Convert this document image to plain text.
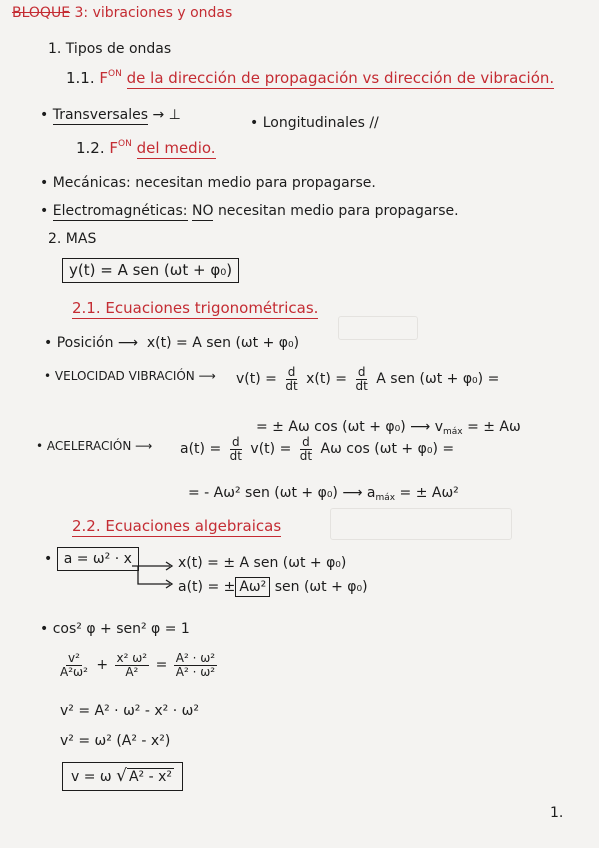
BLOQUE 3: vibraciones y ondas
1. Tipos de ondas
1.1. $F^{ON}$ de la dirección de propagación vs dirección de vibración.
• Transversales → ⊥	• Longitudinales //
1.2. $F^{ON}$ del medio.
• Mecánicas: necesitan medio para propagarse.
• Electromagnéticas: NO necesitan medio para propagarse.
2. MAS
y(t) = A sen (ωt + φ₀)
2.1. Ecuaciones trigonométricas.
• Posición ⟶ x(t) = A sen (ωt + φ₀)
• VELOCIDAD VIBRACIÓN ⟶ $v(t) = \frac{d}{dt} x(t) = \frac{d}{dt}$ A sen (ωt + φ₀) =
= ± Aω cos (ωt + φ₀) ⟶ $v_{máx}$ = ± Aω
• ACELERACIÓN ⟶ $a(t) = \frac{d}{dt} v(t) = \frac{d}{dt}$ Aω cos (ωt + φ₀) =
= - Aω² sen (ωt + φ₀) ⟶ $a_{máx}$ = ± Aω²
2.2. Ecuaciones algebraicas
• a = ω² · x	x(t) = ± A sen (ωt + φ₀)
a(t) = ± Aω² sen (ωt + φ₀)
• cos² φ + sen² φ = 1
$\frac{\text{v²}}{\text{A²ω²}} + \frac{\text{x² ω²}}{\text{A²}} = \frac{\text{A² · ω²}}{\text{A² · ω²}}$
v² = A² · ω² - x² · ω²
v² = ω² (A² - x²)
v = ω √ A² - x²
1.
